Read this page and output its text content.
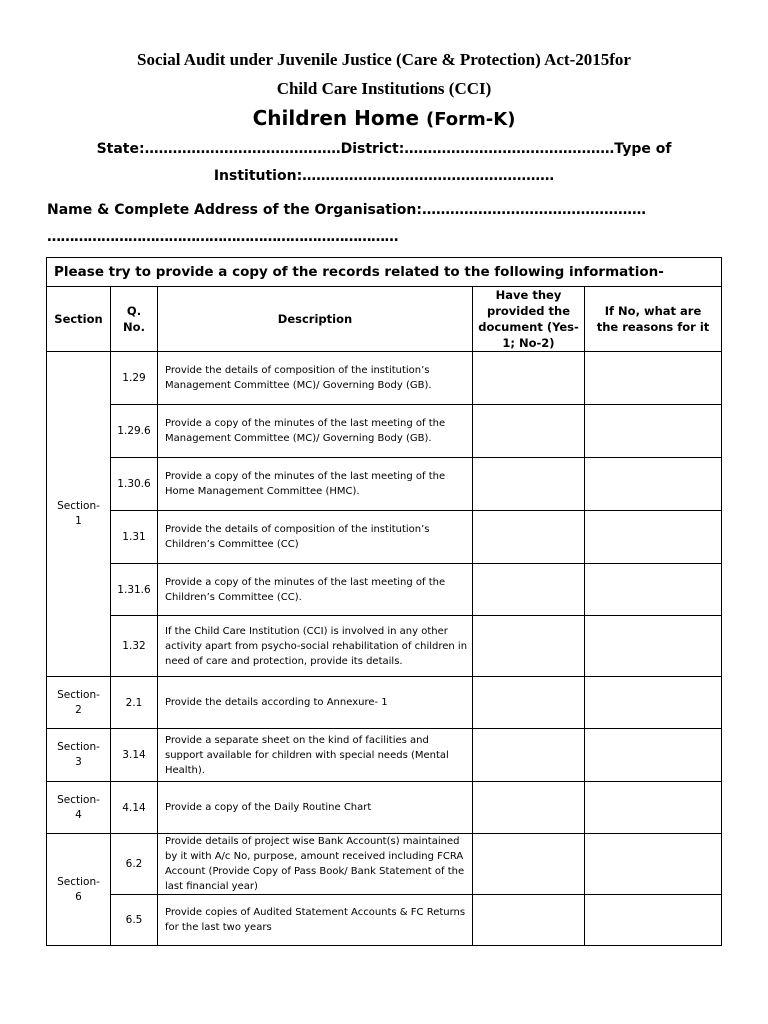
Social Audit under Juvenile Justice (Care & Protection) Act-2015for
Child Care Institutions (CCI)
Children Home (Form-K)
State:……………………………………District:………………………………………Type of
Institution:………………………………………………
Name & Complete Address of the Organisation:…………………………………………
……………………………………………………………………
Please try to provide a copy of the records related to the following information-				
Section	Q. No.	Description	Have they provided the document (Yes-1; No-2)	If No, what are the reasons for it
Section-1	1.29	Provide the details of composition of the institution’s Management Committee (MC)/ Governing Body (GB).		
	1.29.6	Provide a copy of the minutes of the last meeting of the Management Committee (MC)/ Governing Body (GB).		
	1.30.6	Provide a copy of the minutes of the last meeting of the Home Management Committee (HMC).		
	1.31	Provide the details of composition of the institution’s Children’s Committee (CC)		
	1.31.6	Provide a copy of the minutes of the last meeting of the Children’s Committee (CC).		
	1.32	If the Child Care Institution (CCI) is involved in any other activity apart from psycho-social rehabilitation of children in need of care and protection, provide its details.		
Section-2	2.1	Provide the details according to Annexure- 1		
Section-3	3.14	Provide a separate sheet on the kind of facilities and support available for children with special needs (Mental Health).		
Section-4	4.14	Provide a copy of the Daily Routine Chart		
Section-6	6.2	Provide details of project wise Bank Account(s) maintained by it with A/c No, purpose, amount received including FCRA Account (Provide Copy of Pass Book/ Bank Statement of the last financial year)		
	6.5	Provide copies of Audited Statement Accounts & FC Returns for the last two years		
